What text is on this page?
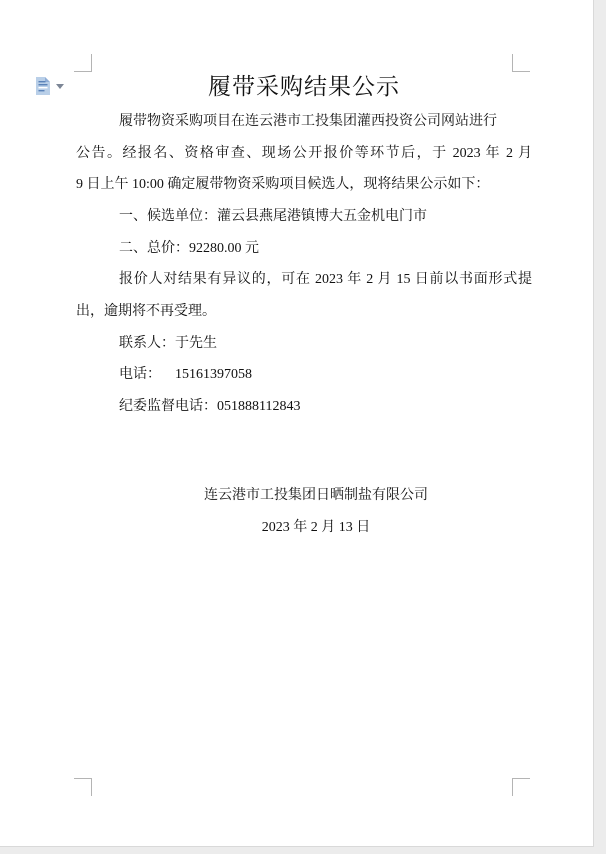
履带采购结果公示
履带物资采购项目在连云港市工投集团灌西投资公司网站进行
公告。经报名、资格审查、现场公开报价等环节后，于 2023 年 2 月
9 日上午 10:00 确定履带物资采购项目候选人，现将结果公示如下：
一、候选单位：灌云县燕尾港镇博大五金机电门市
二、总价：92280.00 元
报价人对结果有异议的，可在 2023 年 2 月 15 日前以书面形式提
出，逾期将不再受理。
联系人：于先生
电话：    15161397058
纪委监督电话：051888112843
连云港市工投集团日晒制盐有限公司
2023 年 2 月 13 日
